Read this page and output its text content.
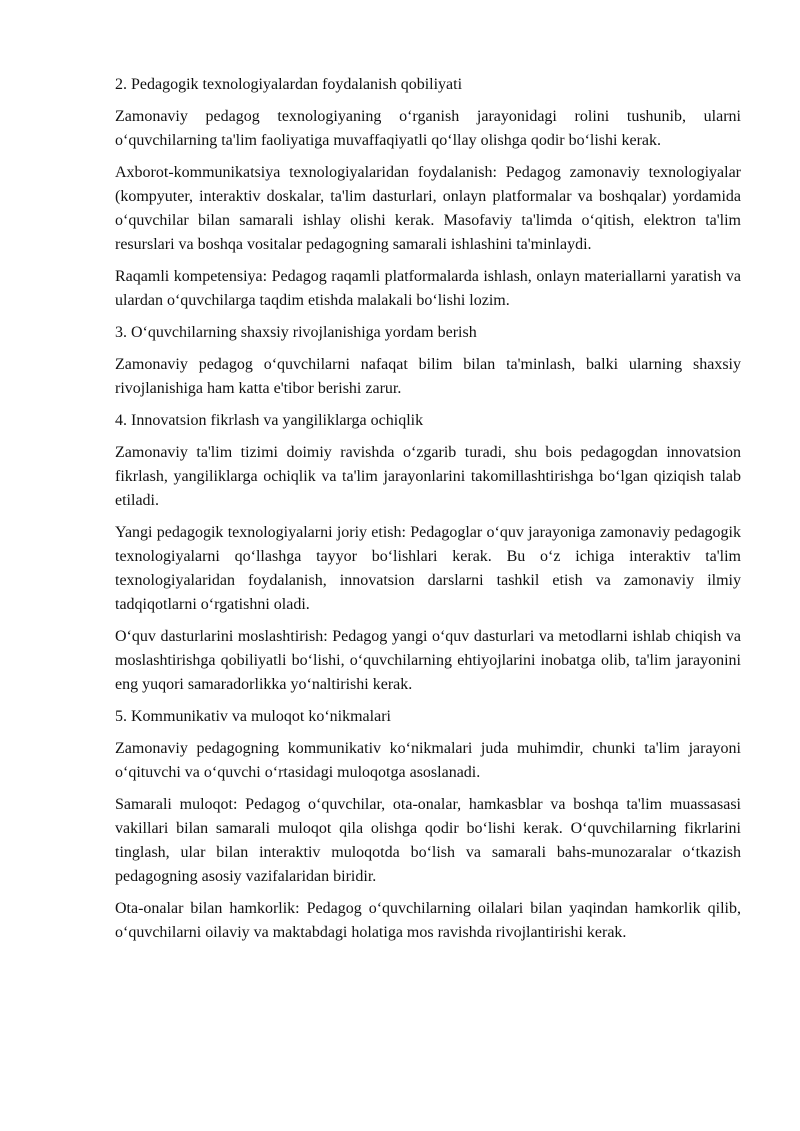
2. Pedagogik texnologiyalardan foydalanish qobiliyati

Zamonaviy pedagog texnologiyaning o‘rganish jarayonidagi rolini tushunib, ularni o‘quvchilarning ta'lim faoliyatiga muvaffaqiyatli qo‘llay olishga qodir bo‘lishi kerak.

Axborot-kommunikatsiya texnologiyalaridan foydalanish: Pedagog zamonaviy texnologiyalar (kompyuter, interaktiv doskalar, ta'lim dasturlari, onlayn platformalar va boshqalar) yordamida o‘quvchilar bilan samarali ishlay olishi kerak. Masofaviy ta'limda o‘qitish, elektron ta'lim resurslari va boshqa vositalar pedagogning samarali ishlashini ta'minlaydi.

Raqamli kompetensiya: Pedagog raqamli platformalarda ishlash, onlayn materiallarni yaratish va ulardan o‘quvchilarga taqdim etishda malakali bo‘lishi lozim.

3. O‘quvchilarning shaxsiy rivojlanishiga yordam berish

Zamonaviy pedagog o‘quvchilarni nafaqat bilim bilan ta'minlash, balki ularning shaxsiy rivojlanishiga ham katta e'tibor berishi zarur.

4. Innovatsion fikrlash va yangiliklarga ochiqlik

Zamonaviy ta'lim tizimi doimiy ravishda o‘zgarib turadi, shu bois pedagogdan innovatsion fikrlash, yangiliklarga ochiqlik va ta'lim jarayonlarini takomillashtirishga bo‘lgan qiziqish talab etiladi.

Yangi pedagogik texnologiyalarni joriy etish: Pedagoglar o‘quv jarayoniga zamonaviy pedagogik texnologiyalarni qo‘llashga tayyor bo‘lishlari kerak. Bu o‘z ichiga interaktiv ta'lim texnologiyalaridan foydalanish, innovatsion darslarni tashkil etish va zamonaviy ilmiy tadqiqotlarni o‘rgatishni oladi.

O‘quv dasturlarini moslashtirish: Pedagog yangi o‘quv dasturlari va metodlarni ishlab chiqish va moslashtirishga qobiliyatli bo‘lishi, o‘quvchilarning ehtiyojlarini inobatga olib, ta'lim jarayonini eng yuqori samaradorlikka yo‘naltirishi kerak.

5. Kommunikativ va muloqot ko‘nikmalari

Zamonaviy pedagogning kommunikativ ko‘nikmalari juda muhimdir, chunki ta'lim jarayoni o‘qituvchi va o‘quvchi o‘rtasidagi muloqotga asoslanadi.

Samarali muloqot: Pedagog o‘quvchilar, ota-onalar, hamkasblar va boshqa ta'lim muassasasi vakillari bilan samarali muloqot qila olishga qodir bo‘lishi kerak. O‘quvchilarning fikrlarini tinglash, ular bilan interaktiv muloqotda bo‘lish va samarali bahs-munozaralar o‘tkazish pedagogning asosiy vazifalaridan biridir.

Ota-onalar bilan hamkorlik: Pedagog o‘quvchilarning oilalari bilan yaqindan hamkorlik qilib, o‘quvchilarni oilaviy va maktabdagi holatiga mos ravishda rivojlantirishi kerak.
